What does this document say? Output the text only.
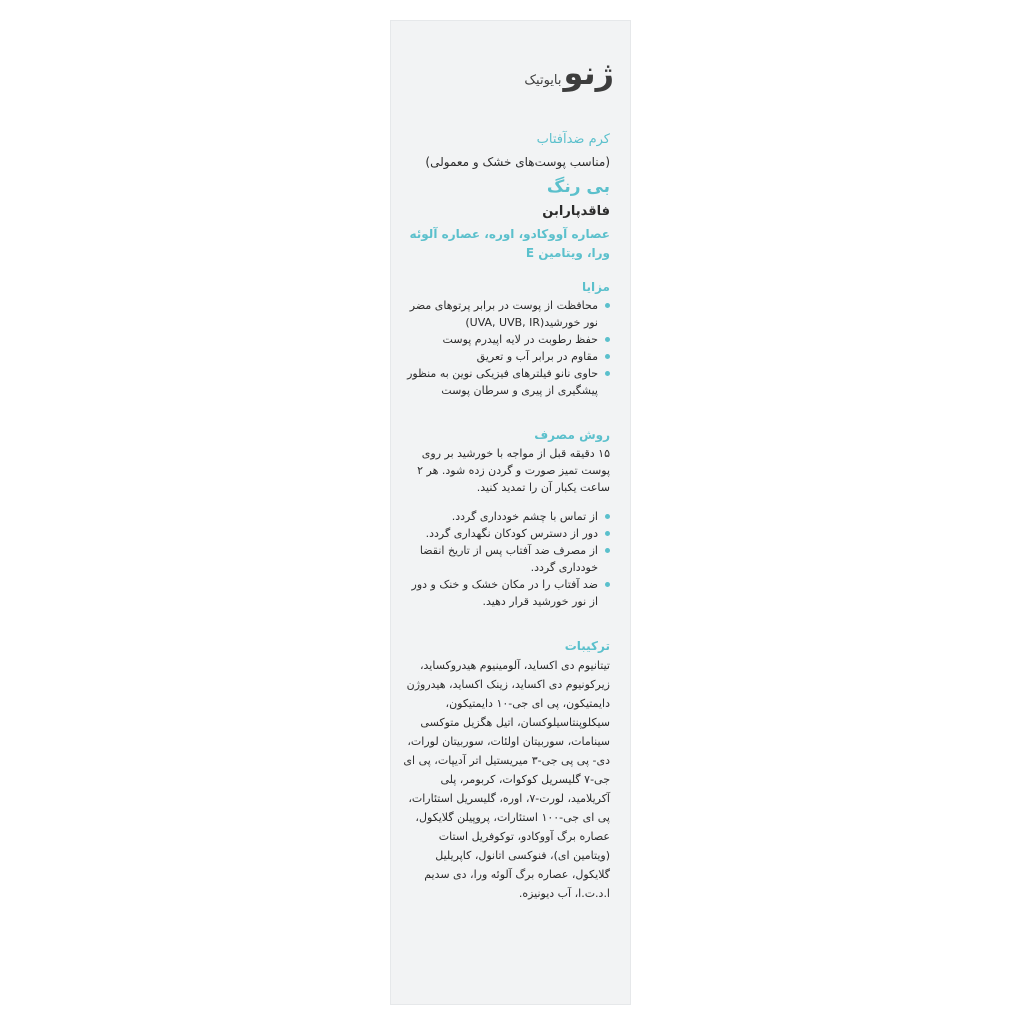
ژنو
بایوتیک

کرم ضدآفتاب

(مناسب پوست‌های خشک و معمولی)

بی رنگ

فاقدپارابن

عصاره آووکادو، اوره، عصاره آلوئه ورا، ویتامین E

مزایا

محافظت از پوست در برابر پرتوهای مضر نور خورشید(UVA, UVB, IR)
حفظ رطوبت در لایه اپیدرم پوست
مقاوم در برابر آب و تعریق
حاوی نانو فیلترهای فیزیکی نوین به منظور پیشگیری از پیری و سرطان پوست

روش مصرف

۱۵ دقیقه قبل از مواجه با خورشید بر روی پوست تمیز صورت و گردن زده شود. هر ۲ ساعت یکبار آن را تمدید کنید.

از تماس با چشم خودداری گردد.
دور از دسترس کودکان نگهداری گردد.
از مصرف ضد آفتاب پس از تاریخ انقضا خودداری گردد.
ضد آفتاب را در مکان خشک و خنک و دور از نور خورشید قرار دهید.

ترکیبات

تیتانیوم دی اکساید، آلومینیوم هیدروکساید، زیرکونیوم دی اکساید، زینک اکساید، هیدروژن دایمتیکون، پی ای جی-۱۰ دایمتیکون، سیکلوپنتاسیلوکسان، اتیل هگزیل متوکسی سینامات، سوربیتان اولئات، سوربیتان لورات، دی- پی پی جی-۳ میریستیل اتر آدیپات، پی ای جی-۷ گلیسریل کوکوات، کربومر، پلی آکریلامید، لورت-۷، اوره، گلیسریل استئارات، پی ای جی-۱۰۰ استئارات، پروپیلن گلایکول، عصاره برگ آووکادو، توکوفریل استات (ویتامین ای)، فنوکسی اتانول، کاپریلیل گلایکول، عصاره برگ آلوئه ورا، دی سدیم ا.د.ت.ا، آب دیونیزه.
